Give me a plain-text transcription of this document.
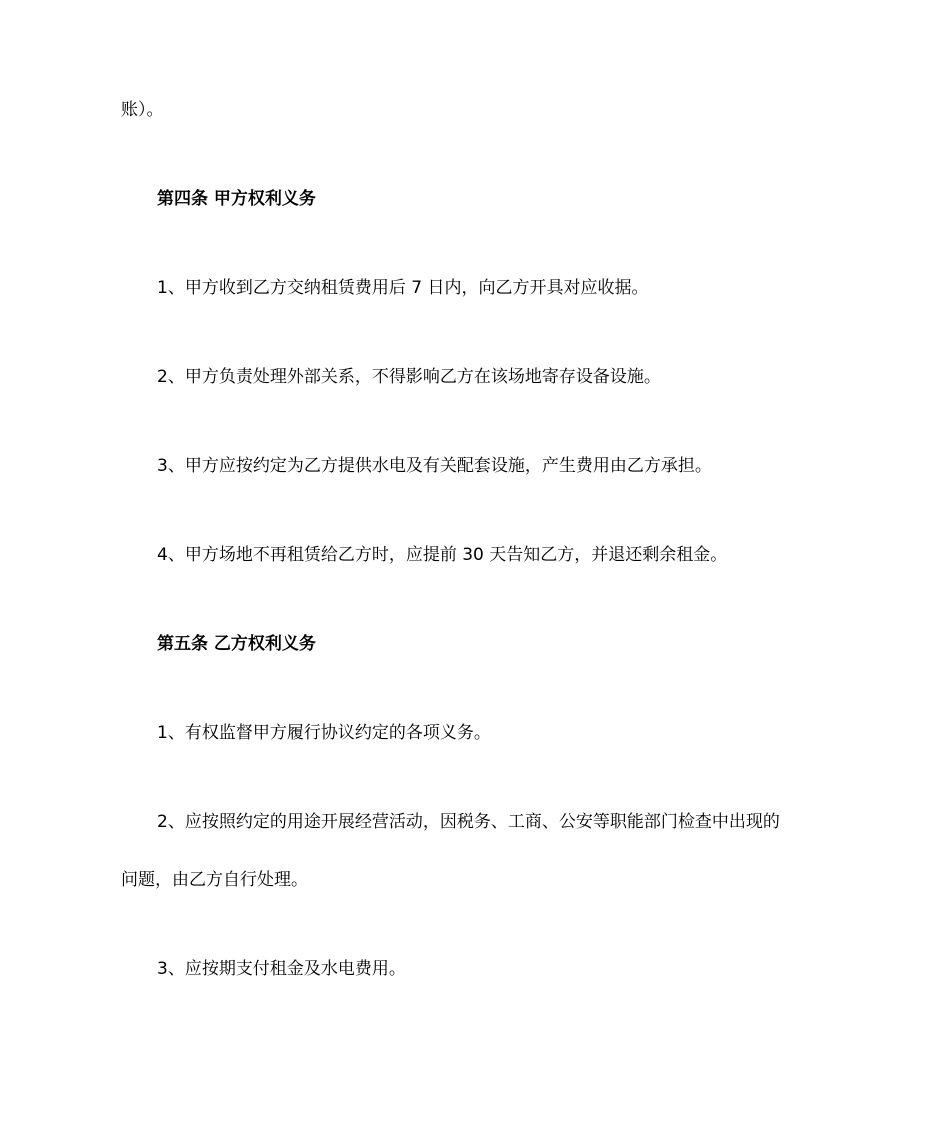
账）。
第四条 甲方权利义务
1、甲方收到乙方交纳租赁费用后 7 日内，向乙方开具对应收据。
2、甲方负责处理外部关系，不得影响乙方在该场地寄存设备设施。
3、甲方应按约定为乙方提供水电及有关配套设施，产生费用由乙方承担。
4、甲方场地不再租赁给乙方时，应提前 30 天告知乙方，并退还剩余租金。
第五条 乙方权利义务
1、有权监督甲方履行协议约定的各项义务。
2、应按照约定的用途开展经营活动，因税务、工商、公安等职能部门检查中出现的
问题，由乙方自行处理。
3、应按期支付租金及水电费用。
